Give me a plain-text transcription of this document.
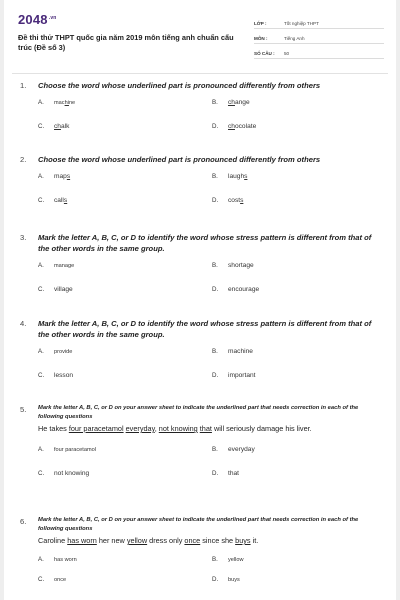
$2048^{.vn}$
Đề thi thử THPT quốc gia năm 2019 môn tiếng anh chuẩn cấu trúc (Đề số 3)
LỚP :	Tốt nghiệp THPT
MÔN :	Tiếng Anh
SỐ CÂU :	50
1.	Choose the word whose underlined part is pronounced differently from others
A.	machine	B.	change
C.	chalk	D.	chocolate
2.	Choose the word whose underlined part is pronounced differently from others
A.	maps	B.	laughs
C.	calls	D.	costs
3.	Mark the letter A, B, C, or D to identify the word whose stress pattern is different from that of the other words in the same group.
A.	manage	B.	shortage
C.	village	D.	encourage
4.	Mark the letter A, B, C, or D to identify the word whose stress pattern is different from that of the other words in the same group.
A.	provide	B.	machine
C.	lesson	D.	important
5.	Mark the letter A, B, C, or D on your answer sheet to indicate the underlined part that needs correction in each of the following questions
He takes four paracetamol everyday, not knowing that will seriously damage his liver.
A.	four paracetamol	B.	everyday
C.	not knowing	D.	that
6.	Mark the letter A, B, C, or D on your answer sheet to indicate the underlined part that needs correction in each of the following questions
Caroline has worn her new yellow dress only once since she buys it.
A.	has worn	B.	yellow
C.	once	D.	buys
